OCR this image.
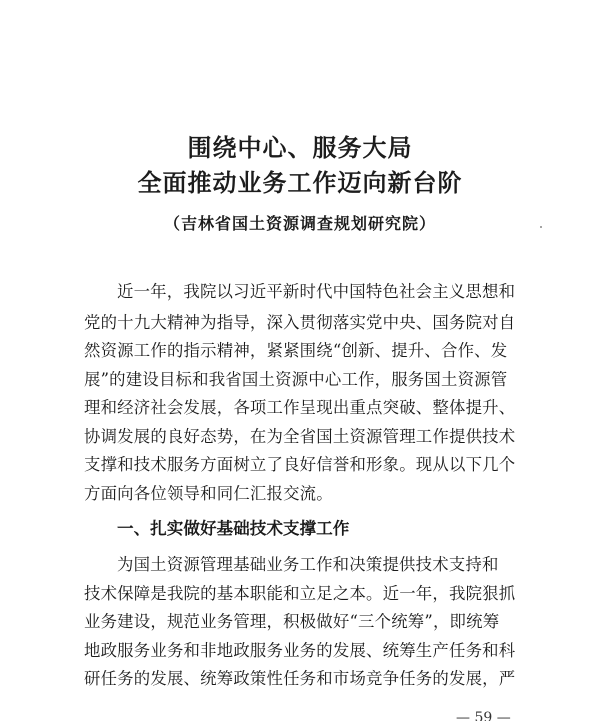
围绕中心、服务大局
全面推动业务工作迈向新台阶
（吉林省国土资源调查规划研究院）
近一年，我院以习近平新时代中国特色社会主义思想和
党的十九大精神为指导，深入贯彻落实党中央、国务院对自
然资源工作的指示精神，紧紧围绕“创新、提升、合作、发
展”的建设目标和我省国土资源中心工作，服务国土资源管
理和经济社会发展，各项工作呈现出重点突破、整体提升、
协调发展的良好态势，在为全省国土资源管理工作提供技术
支撑和技术服务方面树立了良好信誉和形象。现从以下几个
方面向各位领导和同仁汇报交流。
一、扎实做好基础技术支撑工作
为国土资源管理基础业务工作和决策提供技术支持和
技术保障是我院的基本职能和立足之本。近一年，我院狠抓
业务建设，规范业务管理，积极做好“三个统筹”，即统筹
地政服务业务和非地政服务业务的发展、统筹生产任务和科
研任务的发展、统筹政策性任务和市场竞争任务的发展，严
— 59 —
